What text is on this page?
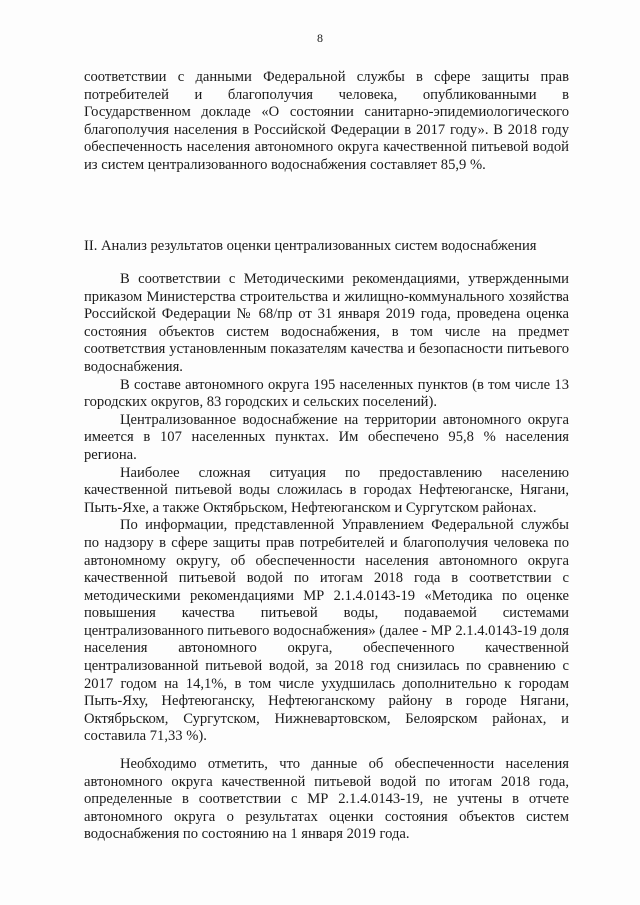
8

соответствии с данными Федеральной службы в сфере защиты прав потребителей и благополучия человека, опубликованными в Государственном докладе «О состоянии санитарно-эпидемиологического благополучия населения в Российской Федерации в 2017 году». В 2018 году обеспеченность населения автономного округа качественной питьевой водой из систем централизованного водоснабжения составляет 85,9 %.

II. Анализ результатов оценки централизованных систем водоснабжения

В соответствии с Методическими рекомендациями, утвержденными приказом Министерства строительства и жилищно-коммунального хозяйства Российской Федерации № 68/пр от 31 января 2019 года, проведена оценка состояния объектов систем водоснабжения, в том числе на предмет соответствия установленным показателям качества и безопасности питьевого водоснабжения.

В составе автономного округа 195 населенных пунктов (в том числе 13 городских округов, 83 городских и сельских поселений).

Централизованное водоснабжение на территории автономного округа имеется в 107 населенных пунктах. Им обеспечено 95,8 % населения региона.

Наиболее сложная ситуация по предоставлению населению качественной питьевой воды сложилась в городах Нефтеюганске, Нягани, Пыть-Яхе, а также Октябрьском, Нефтеюганском и Сургутском районах.

По информации, представленной Управлением Федеральной службы по надзору в сфере защиты прав потребителей и благополучия человека по автономному округу, об обеспеченности населения автономного округа качественной питьевой водой по итогам 2018 года в соответствии с методическими рекомендациями МР 2.1.4.0143-19 «Методика по оценке повышения качества питьевой воды, подаваемой системами централизованного питьевого водоснабжения» (далее - МР 2.1.4.0143-19 доля населения автономного округа, обеспеченного качественной централизованной питьевой водой, за 2018 год снизилась по сравнению с 2017 годом на 14,1%, в том числе ухудшилась дополнительно к городам Пыть-Яху, Нефтеюганску, Нефтеюганскому району в городе Нягани, Октябрьском, Сургутском, Нижневартовском, Белоярском районах, и составила 71,33 %).

Необходимо отметить, что данные об обеспеченности населения автономного округа качественной питьевой водой по итогам 2018 года, определенные в соответствии с МР 2.1.4.0143-19, не учтены в отчете автономного округа о результатах оценки состояния объектов систем водоснабжения по состоянию на 1 января 2019 года.
